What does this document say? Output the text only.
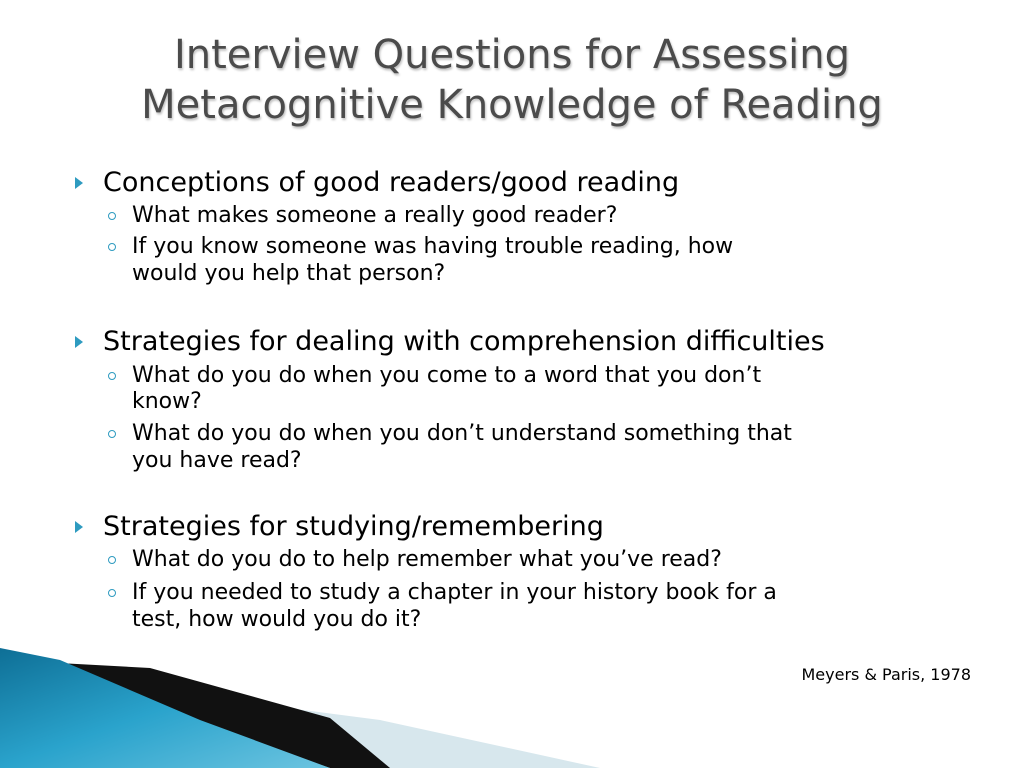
Interview Questions for Assessing
Metacognitive Knowledge of Reading
Conceptions of good readers/good reading
What makes someone a really good reader?
If you know someone was having trouble reading, how
would you help that person?
Strategies for dealing with comprehension difficulties
What do you do when you come to a word that you don’t
know?
What do you do when you don’t understand something that
you have read?
Strategies for studying/remembering
What do you do to help remember what you’ve read?
If you needed to study a chapter in your history book for a
test, how would you do it?
Meyers & Paris, 1978
